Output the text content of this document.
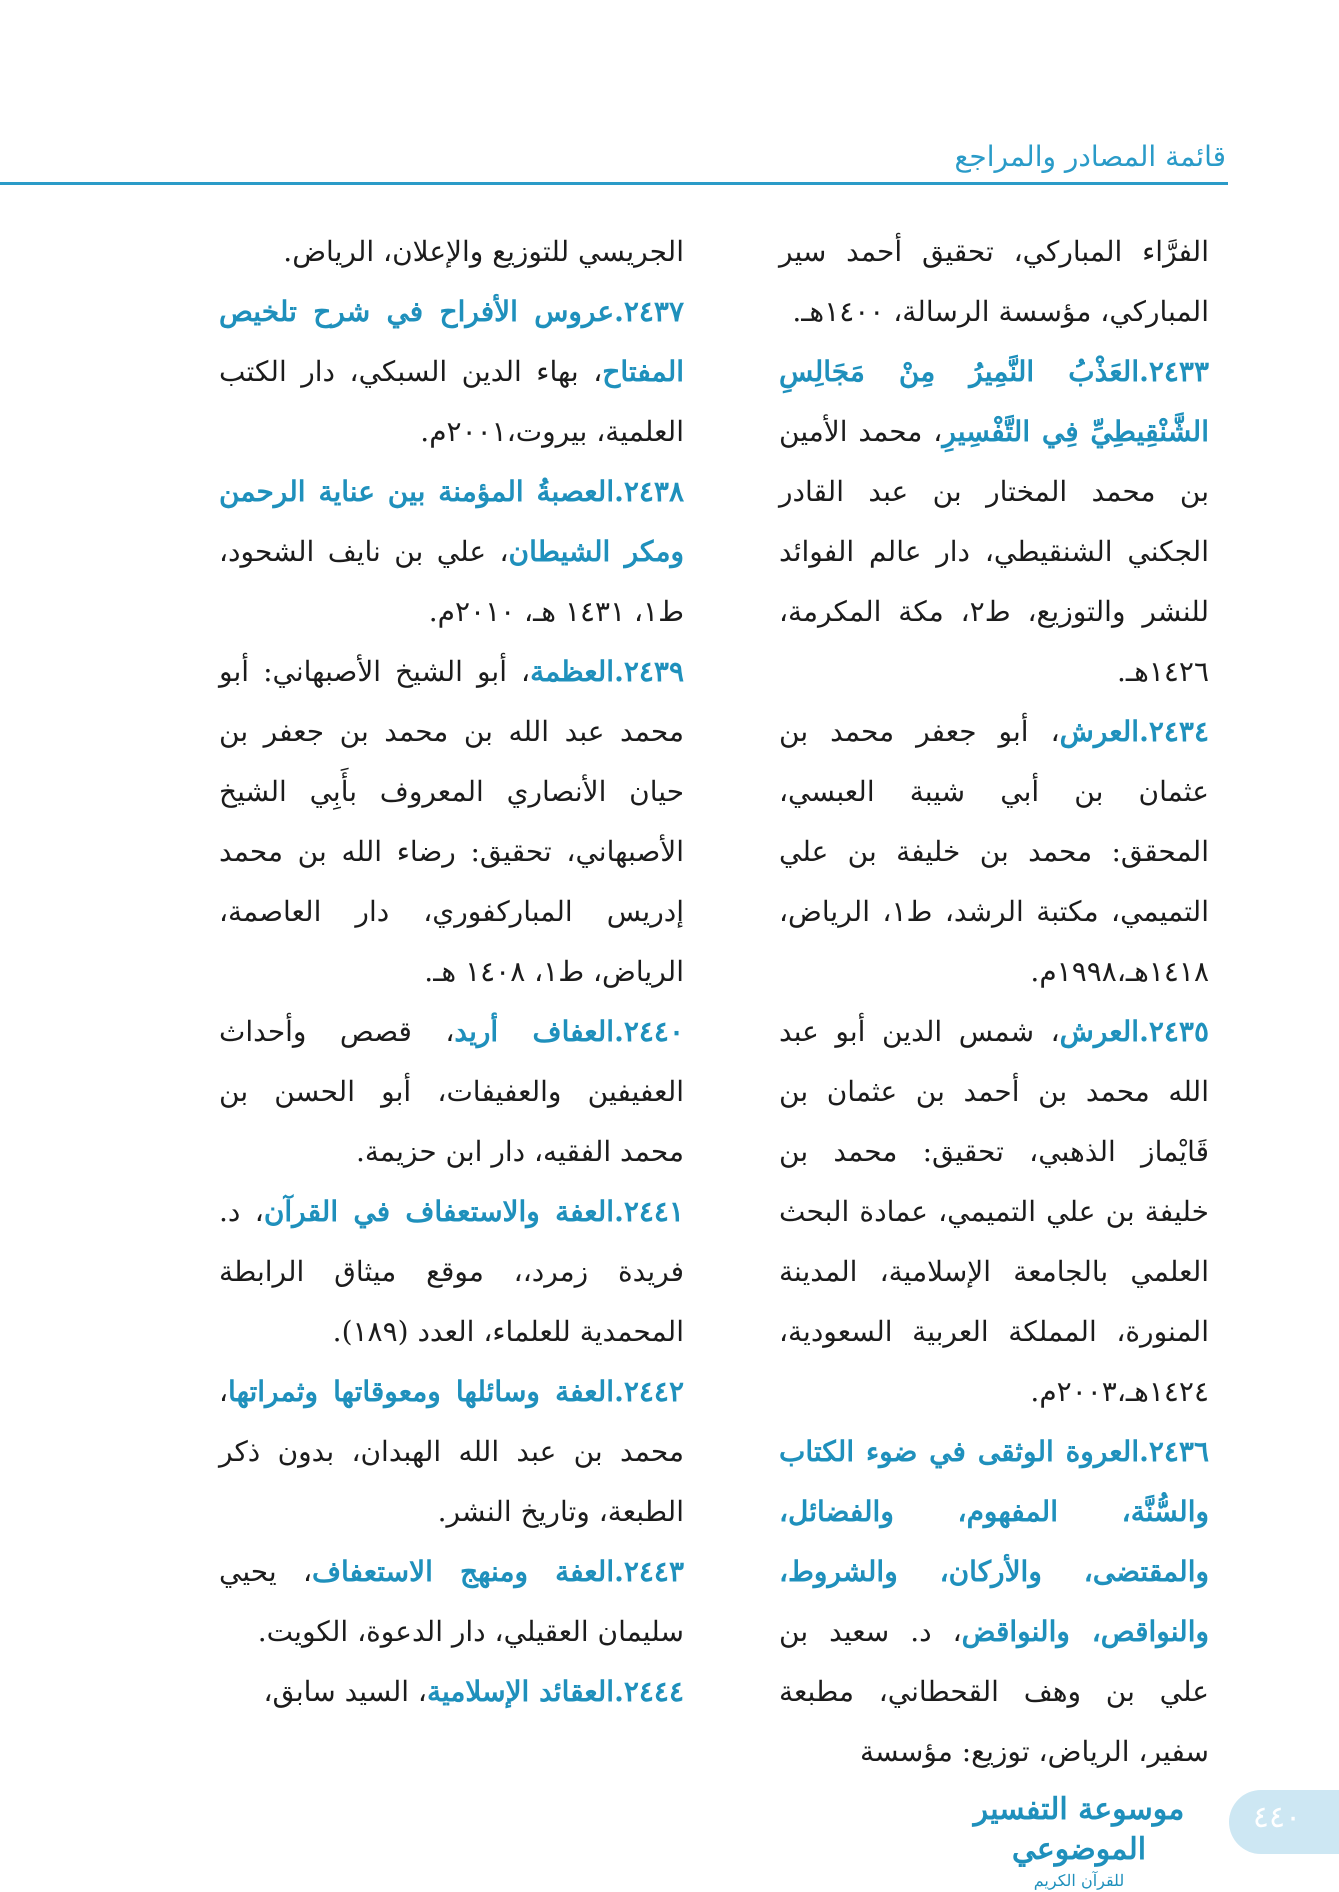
قائمة المصادر والمراجع

الفرَّاء المباركي، تحقيق أحمد سير المباركي، مؤسسة الرسالة، ١٤٠٠هـ.

٢٤٣٣.العَذْبُ النَّمِيرُ مِنْ مَجَالِسِ الشَّنْقِيطِيِّ فِي التَّفْسِيرِ، محمد الأمين بن محمد المختار بن عبد القادر الجكني الشنقيطي، دار عالم الفوائد للنشر والتوزيع، ط٢، مكة المكرمة، ١٤٢٦هـ.

٢٤٣٤.العرش، أبو جعفر محمد بن عثمان بن أبي شيبة العبسي، المحقق: محمد بن خليفة بن علي التميمي، مكتبة الرشد، ط١، الرياض، ١٤١٨هـ،١٩٩٨م.

٢٤٣٥.العرش، شمس الدين أبو عبد الله محمد بن أحمد بن عثمان بن قَايْماز الذهبي، تحقيق: محمد بن خليفة بن علي التميمي، عمادة البحث العلمي بالجامعة الإسلامية، المدينة المنورة، المملكة العربية السعودية، ١٤٢٤هـ،٢٠٠٣م.

٢٤٣٦.العروة الوثقى في ضوء الكتاب والسُّنَّة، المفهوم، والفضائل، والمقتضى، والأركان، والشروط، والنواقص، والنواقض، د. سعيد بن علي بن وهف القحطاني، مطبعة سفير، الرياض، توزيع: مؤسسة

الجريسي للتوزيع والإعلان، الرياض.

٢٤٣٧.عروس الأفراح في شرح تلخيص المفتاح، بهاء الدين السبكي، دار الكتب العلمية، بيروت،٢٠٠١م.

٢٤٣٨.العصبةُ المؤمنة بين عناية الرحمن ومكر الشيطان، علي بن نايف الشحود، ط١، ١٤٣١ هـ، ٢٠١٠م.

٢٤٣٩.العظمة، أبو الشيخ الأصبهاني: أبو محمد عبد الله بن محمد بن جعفر بن حيان الأنصاري المعروف بأَبِي الشيخ الأصبهاني، تحقيق: رضاء الله بن محمد إدريس المباركفوري، دار العاصمة، الرياض، ط١، ١٤٠٨ هـ.

٢٤٤٠.العفاف أريد، قصص وأحداث العفيفين والعفيفات، أبو الحسن بن محمد الفقيه، دار ابن حزيمة.

٢٤٤١.العفة والاستعفاف في القرآن، د. فريدة زمرد،، موقع ميثاق الرابطة المحمدية للعلماء، العدد (١٨٩).

٢٤٤٢.العفة وسائلها ومعوقاتها وثمراتها، محمد بن عبد الله الهبدان، بدون ذكر الطبعة، وتاريخ النشر.

٢٤٤٣.العفة ومنهج الاستعفاف، يحيي سليمان العقيلي، دار الدعوة، الكويت.

٢٤٤٤.العقائد الإسلامية، السيد سابق،

موسوعة التفسير الموضوعي
للقرآن الكريم
٤٤٠
